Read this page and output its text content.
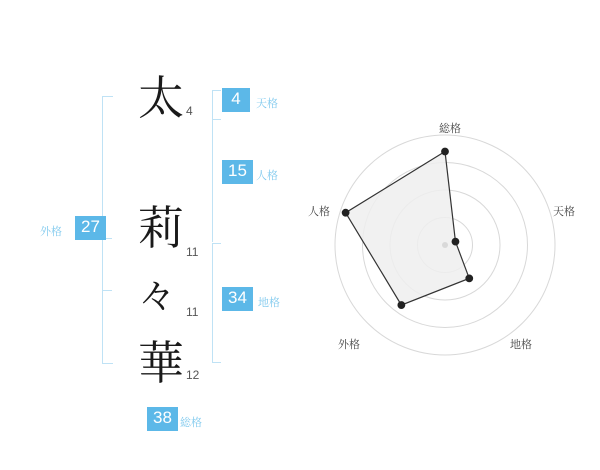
太 4
莉 11
々 11
華 12
4	天格
15 人格
34	地格
27
外格
38 総格
総格
天格
地格
外格
人格
